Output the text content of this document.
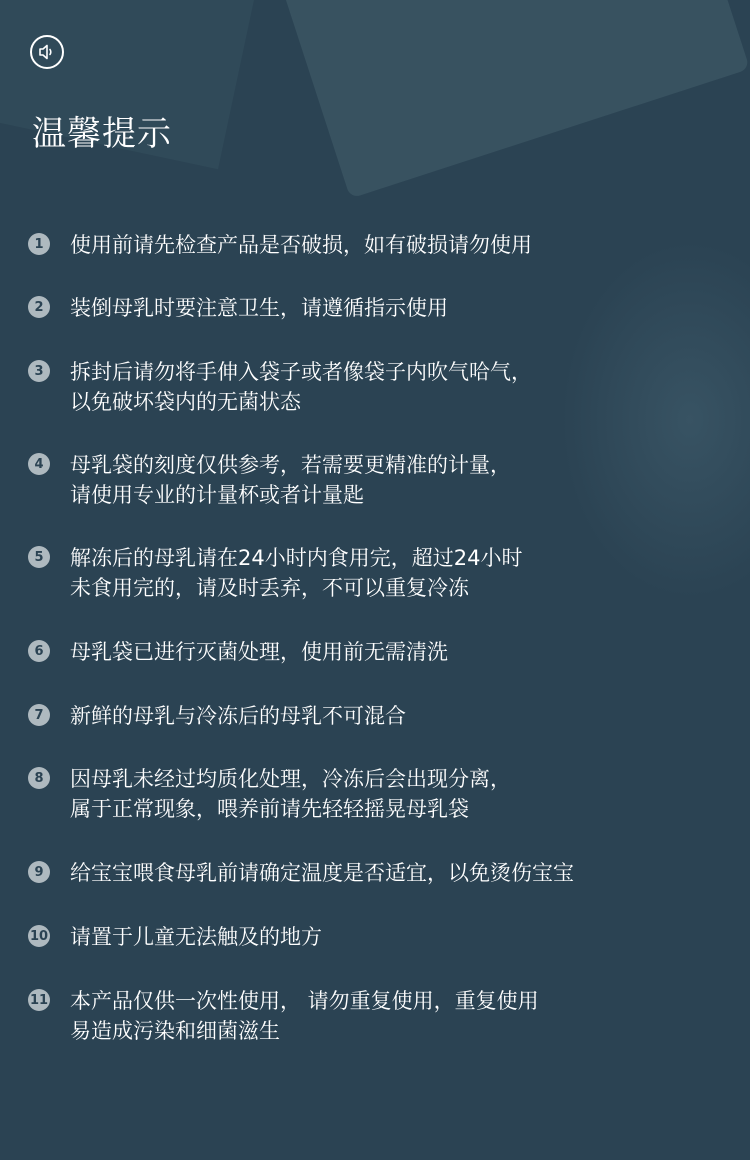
温馨提示
1	使用前请先检查产品是否破损，如有破损请勿使用
2	装倒母乳时要注意卫生，请遵循指示使用
3	拆封后请勿将手伸入袋子或者像袋子内吹气哈气，
以免破坏袋内的无菌状态
4	母乳袋的刻度仅供参考，若需要更精准的计量，
请使用专业的计量杯或者计量匙
5	解冻后的母乳请在24小时内食用完，超过24小时
未食用完的，请及时丢弃，不可以重复冷冻
6	母乳袋已进行灭菌处理，使用前无需清洗
7	新鲜的母乳与冷冻后的母乳不可混合
8	因母乳未经过均质化处理，冷冻后会出现分离，
属于正常现象，喂养前请先轻轻摇晃母乳袋
9	给宝宝喂食母乳前请确定温度是否适宜，以免烫伤宝宝
10 请置于儿童无法触及的地方
11 本产品仅供一次性使用， 请勿重复使用，重复使用
易造成污染和细菌滋生
